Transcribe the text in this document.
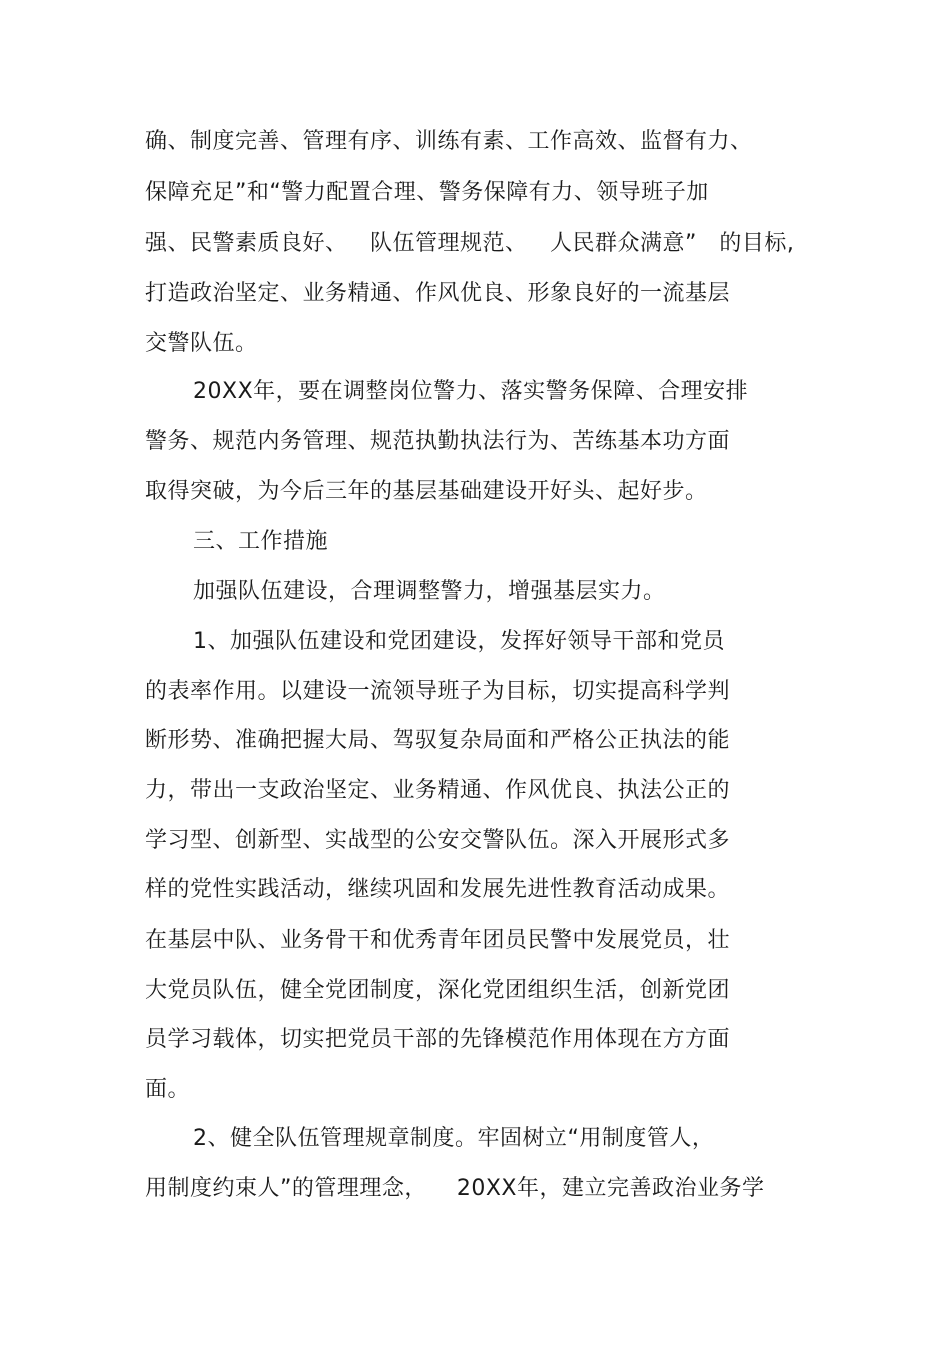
确、制度完善、管理有序、训练有素、工作高效、监督有力、

保障充足”和“警力配置合理、警务保障有力、领导班子加

强、民警素质良好、   队伍管理规范、   人民群众满意”   的目标,

打造政治坚定、业务精通、作风优良、形象良好的一流基层

交警队伍。

20XX年，要在调整岗位警力、落实警务保障、合理安排

警务、规范内务管理、规范执勤执法行为、苦练基本功方面

取得突破，为今后三年的基层基础建设开好头、起好步。

三、工作措施

加强队伍建设，合理调整警力，增强基层实力。

1、加强队伍建设和党团建设，发挥好领导干部和党员

的表率作用。以建设一流领导班子为目标，切实提高科学判

断形势、准确把握大局、驾驭复杂局面和严格公正执法的能

力，带出一支政治坚定、业务精通、作风优良、执法公正的

学习型、创新型、实战型的公安交警队伍。深入开展形式多

样的党性实践活动，继续巩固和发展先进性教育活动成果。

在基层中队、业务骨干和优秀青年团员民警中发展党员，壮

大党员队伍，健全党团制度，深化党团组织生活，创新党团

员学习载体，切实把党员干部的先锋模范作用体现在方方面

面。

2、健全队伍管理规章制度。牢固树立“用制度管人，

用制度约束人”的管理理念，    20XX年，建立完善政治业务学
